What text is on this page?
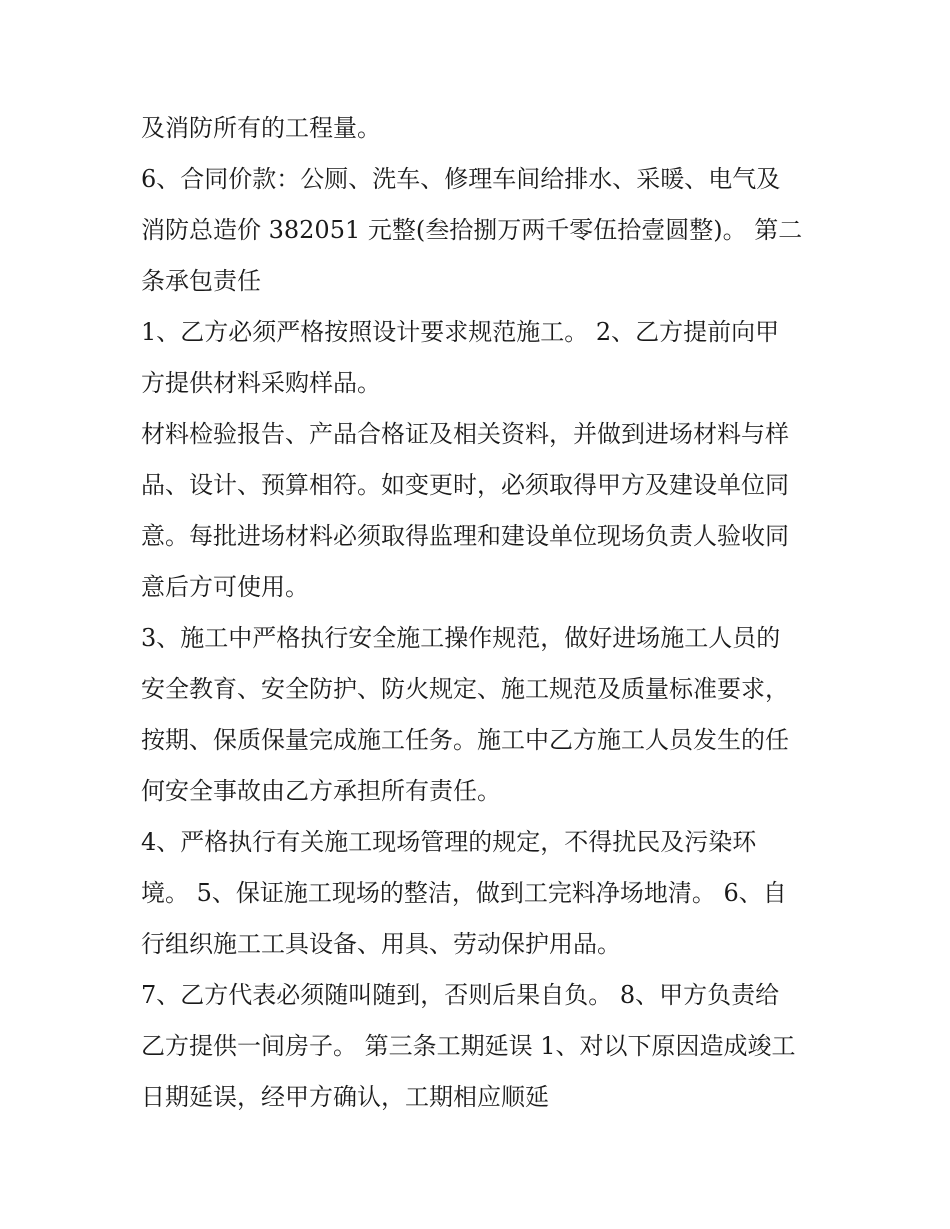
及消防所有的工程量。
6、合同价款：公厕、洗车、修理车间给排水、采暖、电气及
消防总造价 382051 元整(叁拾捌万两千零伍拾壹圆整)。 第二
条承包责任
1、乙方必须严格按照设计要求规范施工。 2、乙方提前向甲
方提供材料采购样品。
材料检验报告、产品合格证及相关资料，并做到进场材料与样
品、设计、预算相符。如变更时，必须取得甲方及建设单位同
意。每批进场材料必须取得监理和建设单位现场负责人验收同
意后方可使用。
3、施工中严格执行安全施工操作规范，做好进场施工人员的
安全教育、安全防护、防火规定、施工规范及质量标准要求，
按期、保质保量完成施工任务。施工中乙方施工人员发生的任
何安全事故由乙方承担所有责任。
4、严格执行有关施工现场管理的规定，不得扰民及污染环
境。 5、保证施工现场的整洁，做到工完料净场地清。 6、自
行组织施工工具设备、用具、劳动保护用品。
7、乙方代表必须随叫随到，否则后果自负。 8、甲方负责给
乙方提供一间房子。 第三条工期延误 1、对以下原因造成竣工
日期延误，经甲方确认，工期相应顺延
